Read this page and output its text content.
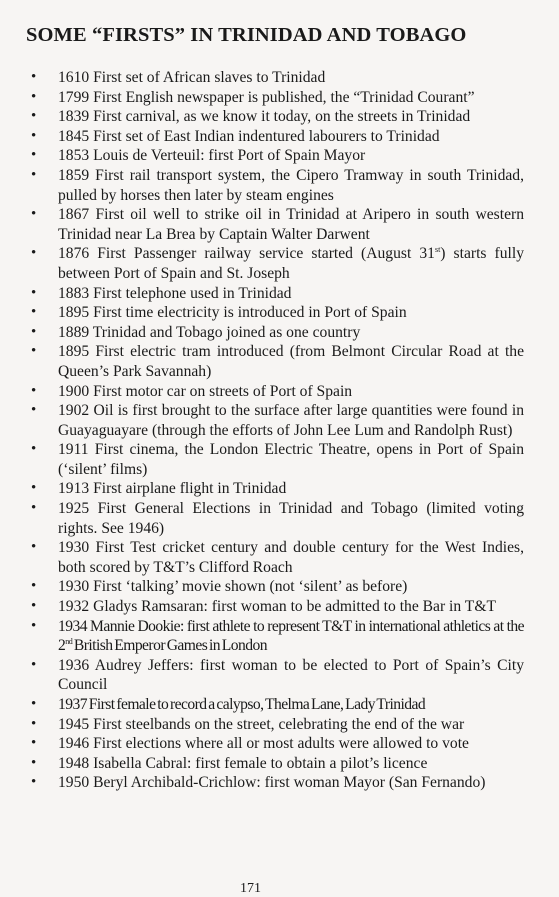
SOME “FIRSTS” IN TRINIDAD AND TOBAGO
• 1610 First set of African slaves to Trinidad
• 1799 First English newspaper is published, the “Trinidad Courant”
• 1839 First carnival, as we know it today, on the streets in Trinidad
• 1845 First set of East Indian indentured labourers to Trinidad
• 1853 Louis de Verteuil: first Port of Spain Mayor
• 1859 First rail transport system, the Cipero Tramway in south Trinidad, pulled by horses then later by steam engines
• 1867 First oil well to strike oil in Trinidad at Aripero in south western Trinidad near La Brea by Captain Walter Darwent
• 1876 First Passenger railway service started (August 31st) starts fully between Port of Spain and St. Joseph
• 1883 First telephone used in Trinidad
• 1895 First time electricity is introduced in Port of Spain
• 1889 Trinidad and Tobago joined as one country
• 1895 First electric tram introduced (from Belmont Circular Road at the Queen’s Park Savannah)
• 1900 First motor car on streets of Port of Spain
• 1902 Oil is first brought to the surface after large quantities were found in Guayaguayare (through the efforts of John Lee Lum and Randolph Rust)
• 1911 First cinema, the London Electric Theatre, opens in Port of Spain (‘silent’ films)
• 1913 First airplane flight in Trinidad
• 1925 First General Elections in Trinidad and Tobago (limited voting rights. See 1946)
• 1930 First Test cricket century and double century for the West Indies, both scored by T&T’s Clifford Roach
• 1930 First ‘talking’ movie shown (not ‘silent’ as before)
• 1932 Gladys Ramsaran: first woman to be admitted to the Bar in T&T
• 1934 Mannie Dookie: first athlete to represent T&T in international athletics at the 2nd British Emperor Games in London
• 1936 Audrey Jeffers: first woman to be elected to Port of Spain’s City Council
• 1937 First female to record a calypso, Thelma Lane, Lady Trinidad
• 1945 First steelbands on the street, celebrating the end of the war
• 1946 First elections where all or most adults were allowed to vote
• 1948 Isabella Cabral: first female to obtain a pilot’s licence
• 1950 Beryl Archibald-Crichlow: first woman Mayor (San Fernando)
171
